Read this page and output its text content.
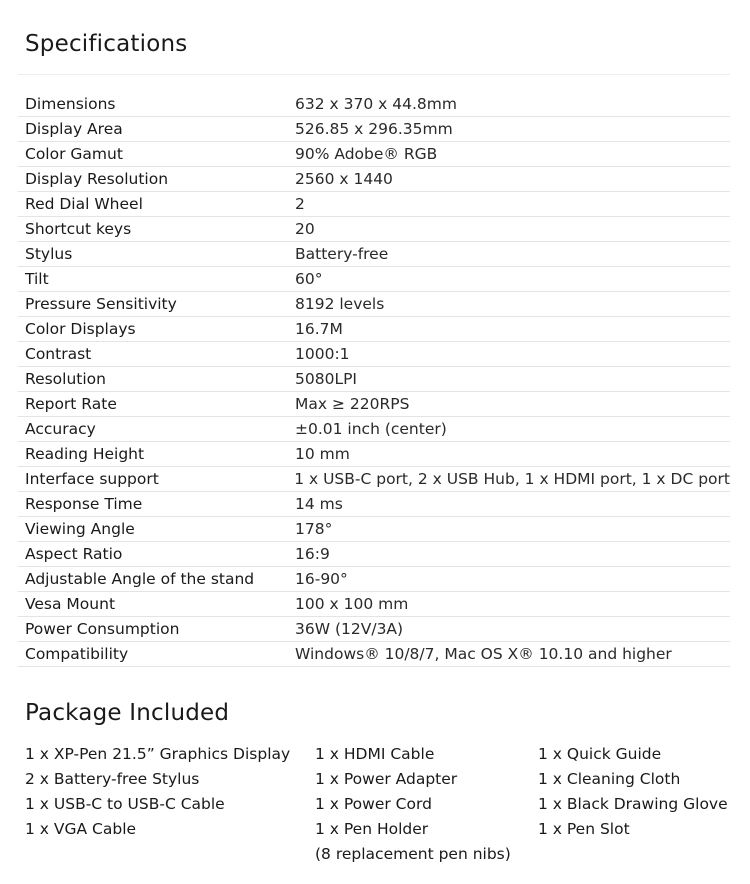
Specifications
Dimensions	632 x 370 x 44.8mm
Display Area	526.85 x 296.35mm
Color Gamut	90% Adobe® RGB
Display Resolution	2560 x 1440
Red Dial Wheel	2
Shortcut keys	20
Stylus	Battery-free
Tilt	60°
Pressure Sensitivity	8192 levels
Color Displays	16.7M
Contrast	1000:1
Resolution	5080LPI
Report Rate	Max ≥ 220RPS
Accuracy	±0.01 inch (center)
Reading Height	10 mm
Interface support	1 x USB-C port, 2 x USB Hub, 1 x HDMI port, 1 x DC port
Response Time	14 ms
Viewing Angle	178°
Aspect Ratio	16:9
Adjustable Angle of the stand	16-90°
Vesa Mount	100 x 100 mm
Power Consumption	36W (12V/3A)
Compatibility	Windows® 10/8/7, Mac OS X® 10.10 and higher
Package Included
1 x XP-Pen 21.5” Graphics Display
2 x Battery-free Stylus
1 x USB-C to USB-C Cable
1 x VGA Cable
1 x HDMI Cable
1 x Power Adapter
1 x Power Cord
1 x Pen Holder
(8 replacement pen nibs)
1 x Quick Guide
1 x Cleaning Cloth
1 x Black Drawing Glove
1 x Pen Slot
